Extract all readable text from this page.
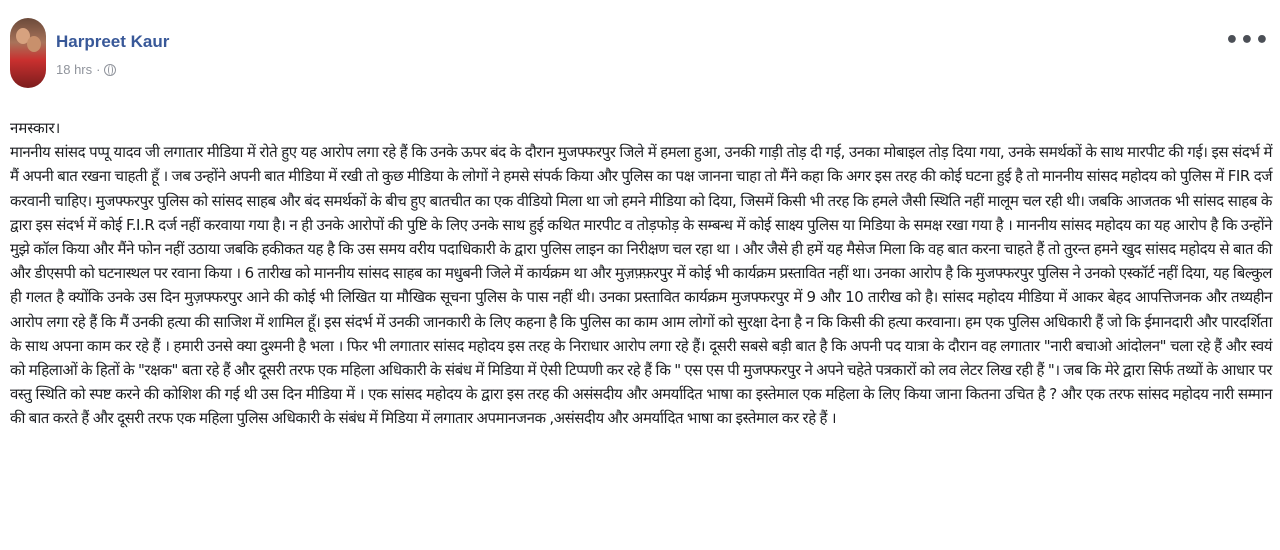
Harpreet Kaur
18 hrs ·
•••

नमस्कार।

माननीय सांसद पप्पू यादव जी लगातार मीडिया में रोते हुए यह आरोप लगा रहे हैं कि उनके ऊपर बंद के दौरान मुजफ्फरपुर जिले में हमला हुआ, उनकी गाड़ी तोड़ दी गई, उनका मोबाइल तोड़ दिया गया, उनके समर्थकों के साथ मारपीट की गई। इस संदर्भ में मैं अपनी बात रखना चाहती हूँ । जब उन्होंने अपनी बात मीडिया में रखी तो कुछ मीडिया के लोगों ने हमसे संपर्क किया और पुलिस का पक्ष जानना चाहा तो मैंने कहा कि अगर इस तरह की कोई घटना हुई है तो माननीय सांसद महोदय को पुलिस में FIR दर्ज करवानी चाहिए। मुजफ्फरपुर पुलिस को सांसद साहब और बंद समर्थकों के बीच हुए बातचीत का एक वीडियो मिला था जो हमने मीडिया को दिया, जिसमें किसी भी तरह कि हमले जैसी स्थिति नहीं मालूम चल रही थी। जबकि आजतक भी सांसद साहब के द्वारा इस संदर्भ में कोई F.I.R दर्ज नहीं करवाया गया है। न ही उनके आरोपों की पुष्टि के लिए उनके साथ हुई कथित मारपीट व तोड़फोड़ के सम्बन्ध में कोई साक्ष्य पुलिस या मिडिया के समक्ष रखा गया है । माननीय सांसद महोदय का यह आरोप है कि उन्होंने मुझे कॉल किया और मैंने फोन नहीं उठाया जबकि हकीकत यह है कि उस समय वरीय पदाधिकारी के द्वारा पुलिस लाइन का निरीक्षण चल रहा था । और जैसे ही हमें यह मैसेज मिला कि वह बात करना चाहते हैं तो तुरन्त हमने खुद सांसद महोदय से बात की और डीएसपी को घटनास्थल पर रवाना किया । 6 तारीख को माननीय सांसद साहब का मधुबनी जिले में कार्यक्रम था और मुज़फ़्फ़रपुर में कोई भी कार्यक्रम प्रस्तावित नहीं था। उनका आरोप है कि मुजफ्फरपुर पुलिस ने उनको एस्कॉर्ट नहीं दिया, यह बिल्कुल ही गलत है क्योंकि उनके उस दिन मुज़फ्फरपुर आने की कोई भी लिखित या मौखिक सूचना पुलिस के पास नहीं थी। उनका प्रस्तावित कार्यक्रम मुजफ्फरपुर में 9 और 10 तारीख को है। सांसद महोदय मीडिया में आकर बेहद आपत्तिजनक और तथ्यहीन आरोप लगा रहे हैं कि मैं उनकी हत्या की साजिश में शामिल हूँ। इस संदर्भ में उनकी जानकारी के लिए कहना है कि पुलिस का काम आम लोगों को सुरक्षा देना है न कि किसी की हत्या करवाना। हम एक पुलिस अधिकारी हैं जो कि ईमानदारी और पारदर्शिता के साथ अपना काम कर रहे हैं । हमारी उनसे क्या दुश्मनी है भला । फिर भी लगातार सांसद महोदय इस तरह के निराधार आरोप लगा रहे हैं। दूसरी सबसे बड़ी बात है कि अपनी पद यात्रा के दौरान वह लगातार "नारी बचाओ आंदोलन" चला रहे हैं और स्वयं को महिलाओं के हितों के "रक्षक" बता रहे हैं और दूसरी तरफ एक महिला अधिकारी के संबंध में मिडिया में ऐसी टिप्पणी कर रहे हैं कि " एस एस पी मुजफ्फरपुर ने अपने चहेते पत्रकारों को लव लेटर लिख रही हैं "। जब कि मेरे द्वारा सिर्फ तथ्यों के आधार पर वस्तु स्थिति को स्पष्ट करने की कोशिश की गई थी उस दिन मीडिया में । एक सांसद महोदय के द्वारा इस तरह की असंसदीय और अमर्यादित भाषा का इस्तेमाल एक महिला के लिए किया जाना कितना उचित है ? और एक तरफ सांसद महोदय नारी सम्मान की बात करते हैं और दूसरी तरफ एक महिला पुलिस अधिकारी के संबंध में मिडिया में लगातार अपमानजनक ,असंसदीय और अमर्यादित भाषा का इस्तेमाल कर रहे हैं ।
